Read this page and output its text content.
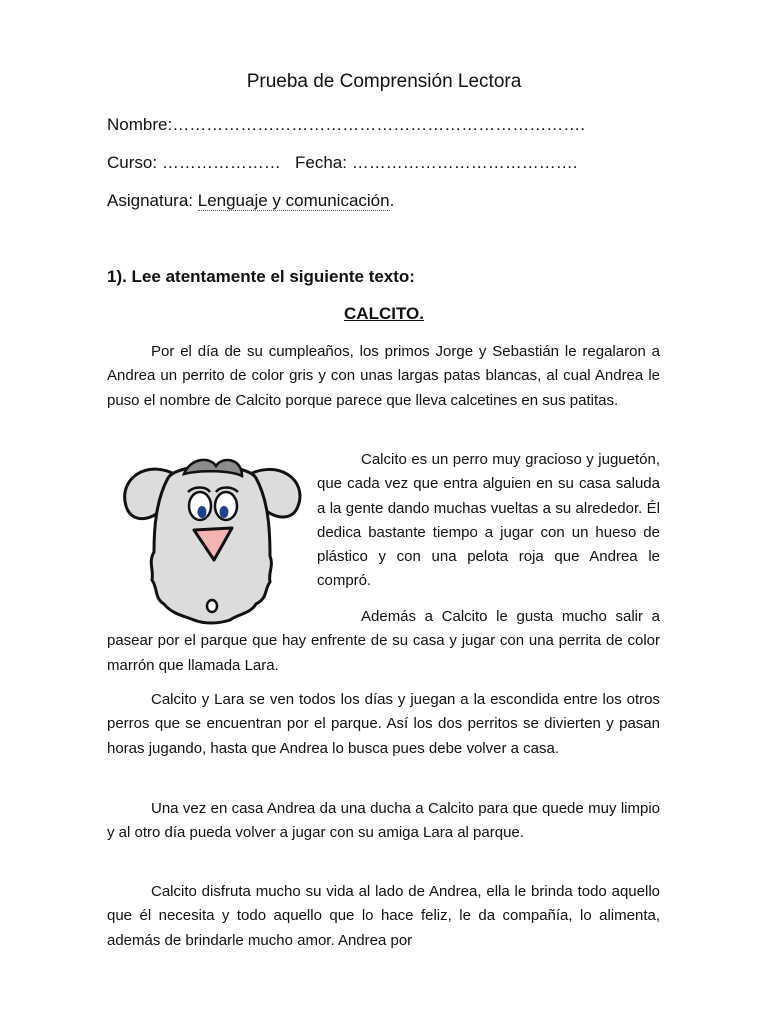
Prueba de Comprensión Lectora
Nombre:……………………………………………………………….
Curso: ………………… Fecha: ………………………………….
Asignatura: Lenguaje y comunicación.
1). Lee atentamente el siguiente texto:
CALCITO.

Por el día de su cumpleaños, los primos Jorge y Sebastián le regalaron a Andrea un perrito de color gris y con unas largas patas blancas, al cual Andrea le puso el nombre de Calcito porque parece que lleva calcetines en sus patitas.

Calcito es un perro muy gracioso y juguetón, que cada vez que entra alguien en su casa saluda a la gente dando muchas vueltas a su alrededor. Él dedica bastante tiempo a jugar con un hueso de plástico y con una pelota roja que Andrea le compró.

Además a Calcito le gusta mucho salir a pasear por el parque que hay enfrente de su casa y jugar con una perrita de color marrón que llamada Lara.

Calcito y Lara se ven todos los días y juegan a la escondida entre los otros perros que se encuentran por el parque. Así los dos perritos se divierten y pasan horas jugando, hasta que Andrea lo busca pues debe volver a casa.

Una vez en casa Andrea da una ducha a Calcito para que quede muy limpio y al otro día pueda volver a jugar con su amiga Lara al parque.

Calcito disfruta mucho su vida al lado de Andrea, ella le brinda todo aquello que él necesita y todo aquello que lo hace feliz, le da compañía, lo alimenta, además de brindarle mucho amor. Andrea por
